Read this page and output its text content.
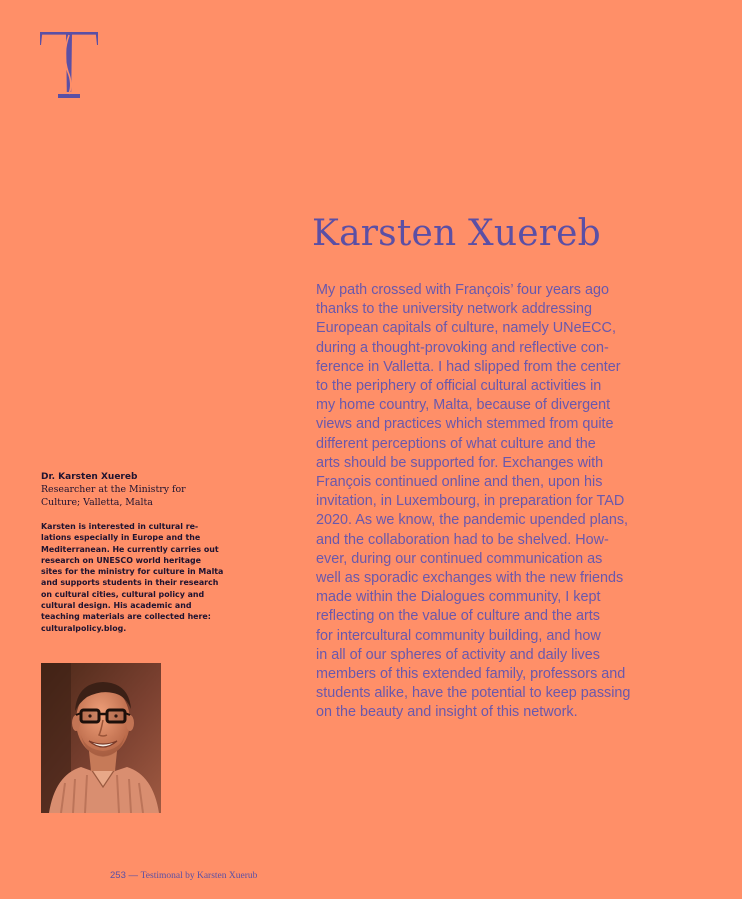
Karsten Xuereb

My path crossed with François’ four years ago
thanks to the university network addressing
European capitals of culture, namely UNeECC,
during a thought-provoking and reflective con-
ference in Valletta. I had slipped from the center
to the periphery of official cultural activities in
my home country, Malta, because of divergent
views and practices which stemmed from quite
different perceptions of what culture and the
arts should be supported for. Exchanges with
François continued online and then, upon his
invitation, in Luxembourg, in preparation for TAD
2020. As we know, the pandemic upended plans,
and the collaboration had to be shelved. How-
ever, during our continued communication as
well as sporadic exchanges with the new friends
made within the Dialogues community, I kept
reflecting on the value of culture and the arts
for intercultural community building, and how
in all of our spheres of activity and daily lives
members of this extended family, professors and
students alike, have the potential to keep passing
on the beauty and insight of this network.

Dr. Karsten Xuereb

Researcher at the Ministry for
Culture; Valletta, Malta

Karsten is interested in cultural re-
lations especially in Europe and the
Mediterranean. He currently carries out
research on UNESCO world heritage
sites for the ministry for culture in Malta
and supports students in their research
on cultural cities, cultural policy and
cultural design. His academic and
teaching materials are collected here:
culturalpolicy.blog.

253 — Testimonal by Karsten Xuerub
